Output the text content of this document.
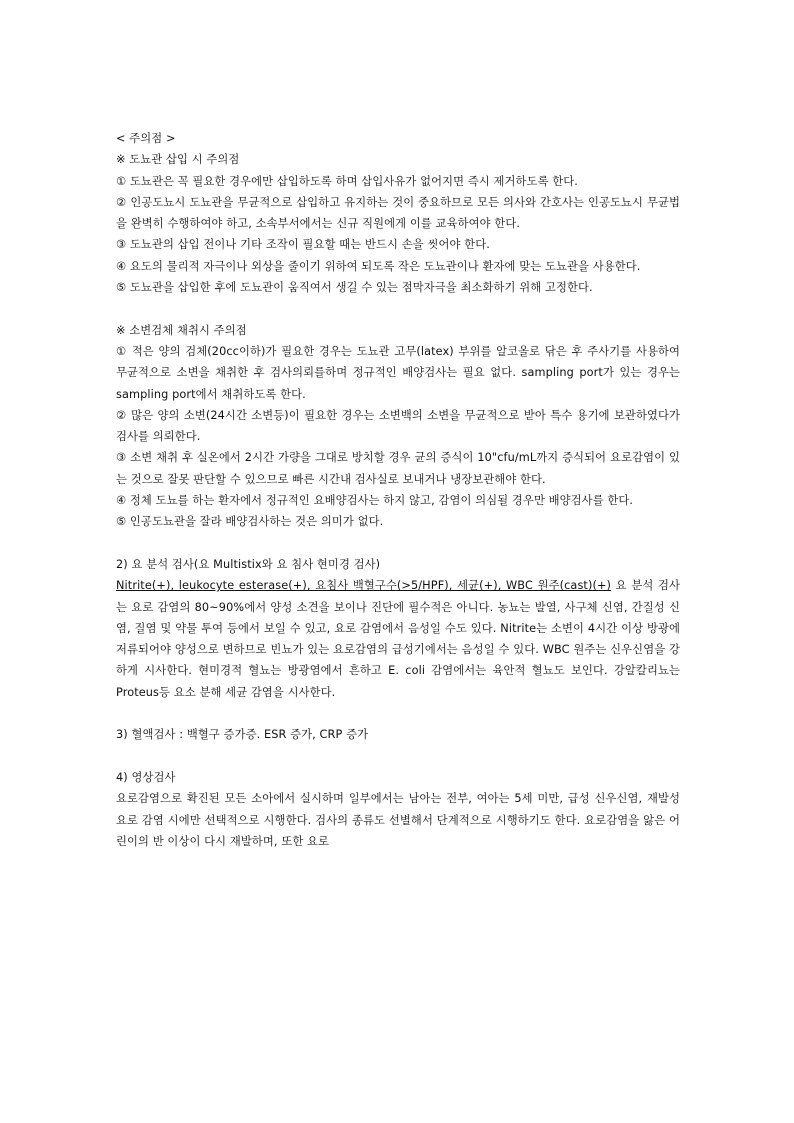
< 주의점 >

※ 도뇨관 삽입 시 주의점

① 도뇨관은 꼭 필요한 경우에만 삽입하도록 하며 삽입사유가 없어지면 즉시 제거하도록 한다.

② 인공도뇨시 도뇨관을 무균적으로 삽입하고 유지하는 것이 중요하므로 모든 의사와 간호사는 인공도뇨시 무균법을 완벽히 수행하여야 하고, 소속부서에서는 신규 직원에게 이를 교육하여야 한다.

③ 도뇨관의 삽입 전이나 기타 조작이 필요할 때는 반드시 손을 씻어야 한다.

④ 요도의 물리적 자극이나 외상을 줄이기 위하여 되도록 작은 도뇨관이나 환자에 맞는 도뇨관을 사용한다.

⑤ 도뇨관을 삽입한 후에 도뇨관이 움직여서 생길 수 있는 점막자극을 최소화하기 위해 고정한다.

※ 소변검체 채취시 주의점

① 적은 양의 검체(20cc이하)가 필요한 경우는 도뇨관 고무(latex) 부위를 알코올로 닦은 후 주사기를 사용하여 무균적으로 소변을 채취한 후 검사의뢰를하며 정규적인 배양검사는 필요 없다. sampling port가 있는 경우는 sampling port에서 채취하도록 한다.

② 많은 양의 소변(24시간 소변등)이 필요한 경우는 소변백의 소변을 무균적으로 받아 특수 용기에 보관하였다가 검사를 의뢰한다.

③ 소변 채취 후 실온에서 2시간 가량을 그대로 방치할 경우 균의 증식이 10"cfu/mL까지 증식되어 요로감염이 있는 것으로 잘못 판단할 수 있으므로 빠른 시간내 검사실로 보내거나 냉장보관해야 한다.

④ 정체 도뇨를 하는 환자에서 정규적인 요배양검사는 하지 않고, 감염이 의심될 경우만 배양검사를 한다.

⑤ 인공도뇨관을 잘라 배양검사하는 것은 의미가 없다.

2) 요 분석 검사(요 Multistix와 요 침사 현미경 검사)

Nitrite(+), leukocyte esterase(+), 요침사 백혈구수(>5/HPF), 세균(+), WBC 원주(cast)(+) 요 분석 검사는 요로 감염의 80~90%에서 양성 소견을 보이나 진단에 필수적은 아니다. 농뇨는 발열, 사구체 신염, 간질성 신염, 질염 및 약물 투여 등에서 보일 수 있고, 요로 감염에서 음성일 수도 있다. Nitrite는 소변이 4시간 이상 방광에 저류되어야 양성으로 변하므로 빈뇨가 있는 요로감염의 급성기에서는 음성일 수 있다. WBC 원주는 신우신염을 강하게 시사한다. 현미경적 혈뇨는 방광염에서 흔하고 E. coli 감염에서는 육안적 혈뇨도 보인다. 강알칼리뇨는 Proteus등 요소 분해 세균 감염을 시사한다.

3) 혈액검사 : 백혈구 증가증. ESR 증가, CRP 증가

4) 영상검사

요로감염으로 확진된 모든 소아에서 실시하며 일부에서는 남아는 전부, 여아는 5세 미만, 급성 신우신염, 재발성 요로 감염 시에만 선택적으로 시행한다. 검사의 종류도 선별해서 단계적으로 시행하기도 한다. 요로감염을 앓은 어린이의 반 이상이 다시 재발하며, 또한 요로
